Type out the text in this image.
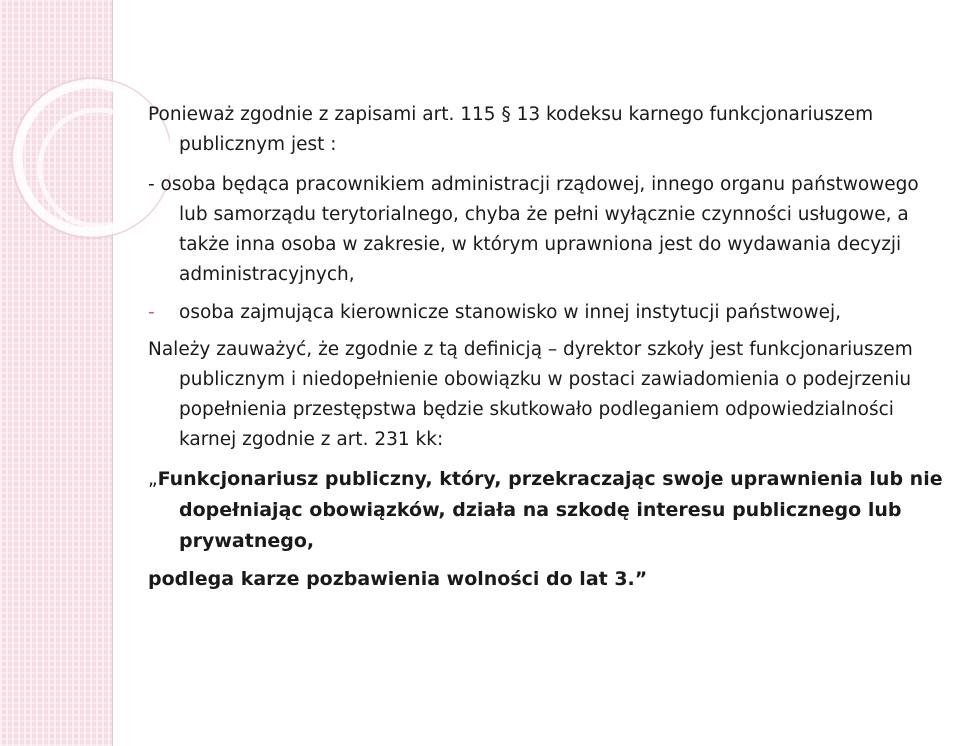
Ponieważ zgodnie z zapisami art. 115 § 13 kodeksu karnego funkcjonariuszem publicznym jest :

- osoba będąca pracownikiem administracji rządowej, innego organu państwowego lub samorządu terytorialnego, chyba że pełni wyłącznie czynności usługowe, a także inna osoba w zakresie, w którym uprawniona jest do wydawania decyzji administracyjnych,

- osoba zajmująca kierownicze stanowisko w innej instytucji państwowej,

Należy zauważyć, że zgodnie z tą definicją – dyrektor szkoły jest funkcjonariuszem publicznym i niedopełnienie obowiązku w postaci zawiadomienia o podejrzeniu popełnienia przestępstwa będzie skutkowało podleganiem odpowiedzialności karnej zgodnie z art. 231 kk:

„Funkcjonariusz publiczny, który, przekraczając swoje uprawnienia lub nie dopełniając obowiązków, działa na szkodę interesu publicznego lub prywatnego,

podlega karze pozbawienia wolności do lat 3.”
